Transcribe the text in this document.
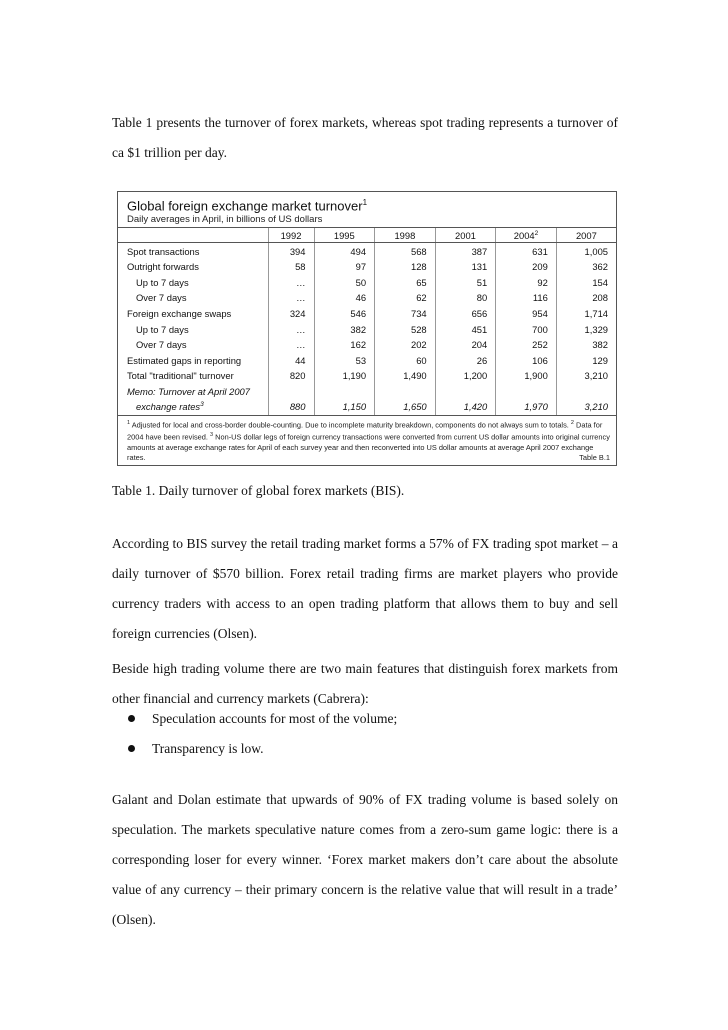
Table 1 presents the turnover of forex markets, whereas spot trading represents a turnover of ca $1 trillion per day.

Global foreign exchange market turnover$^1$
Daily averages in April, in billions of US dollars
	1992	1995	1998	2001	2004$^2$	2007
Spot transactions	394	494	568	387	631	1,005
Outright forwards	58	97	128	131	209	362
Up to 7 days	…	50	65	51	92	154
Over 7 days	…	46	62	80	116	208
Foreign exchange swaps	324	546	734	656	954	1,714
Up to 7 days	…	382	528	451	700	1,329
Over 7 days	…	162	202	204	252	382
Estimated gaps in reporting	44	53	60	26	106	129
Total "traditional" turnover	820	1,190	1,490	1,200	1,900	3,210
Memo: Turnover at April 2007						
exchange rates$^3$	880	1,150	1,650	1,420	1,970	3,210
$^1$ Adjusted for local and cross-border double-counting. Due to incomplete maturity breakdown, components do not always sum to totals. $^2$ Data for 2004 have been revised. $^3$ Non-US dollar legs of foreign currency transactions were converted from current US dollar amounts into original currency amounts at average exchange rates for April of each survey year and then reconverted into US dollar amounts at average April 2007 exchange rates.	Table B.1

Table 1. Daily turnover of global forex markets (BIS).

According to BIS survey the retail trading market forms a 57% of FX trading spot market – a daily turnover of $570 billion. Forex retail trading firms are market players who provide currency traders with access to an open trading platform that allows them to buy and sell foreign currencies (Olsen).

Beside high trading volume there are two main features that distinguish forex markets from other financial and currency markets (Cabrera):

Speculation accounts for most of the volume;
Transparency is low.

Galant and Dolan estimate that upwards of 90% of FX trading volume is based solely on speculation. The markets speculative nature comes from a zero-sum game logic: there is a corresponding loser for every winner. ‘Forex market makers don’t care about the absolute value of any currency – their primary concern is the relative value that will result in a trade’ (Olsen).
